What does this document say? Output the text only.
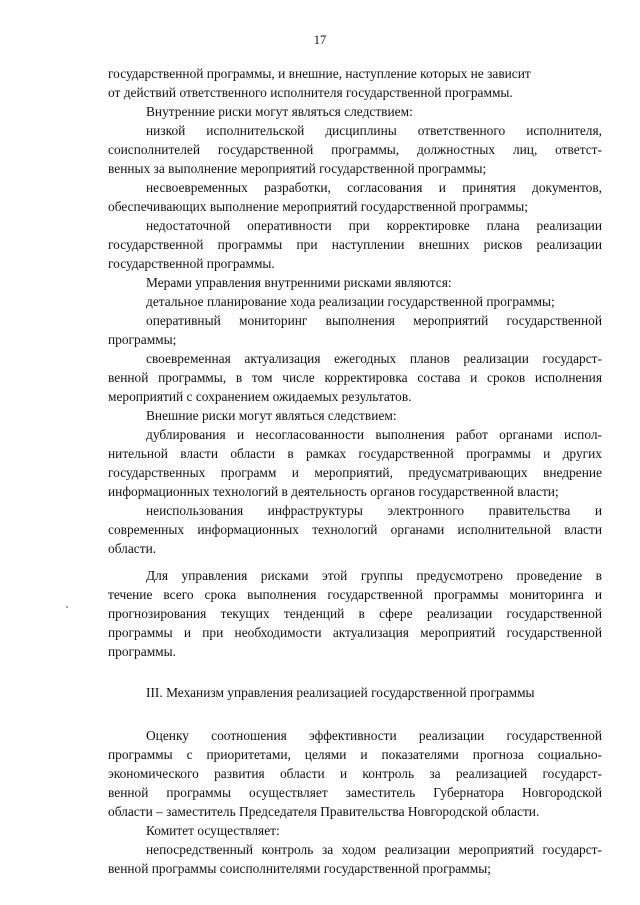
17
государственной программы, и внешние, наступление которых не зависит
от действий ответственного исполнителя государственной программы.
Внутренние риски могут являться следствием:
низкой исполнительской дисциплины ответственного исполнителя,
соисполнителей государственной программы, должностных лиц, ответст-
венных за выполнение мероприятий государственной программы;
несвоевременных разработки, согласования и принятия документов,
обеспечивающих выполнение мероприятий государственной программы;
недостаточной оперативности при корректировке плана реализации
государственной программы при наступлении внешних рисков реализации
государственной программы.
Мерами управления внутренними рисками являются:
детальное планирование хода реализации государственной программы;
оперативный мониторинг выполнения мероприятий государственной
программы;
своевременная актуализация ежегодных планов реализации государст-
венной программы, в том числе корректировка состава и сроков исполнения
мероприятий с сохранением ожидаемых результатов.
Внешние риски могут являться следствием:
дублирования и несогласованности выполнения работ органами испол-
нительной власти области в рамках государственной программы и других
государственных программ и мероприятий, предусматривающих внедрение
информационных технологий в деятельность органов государственной власти;
неиспользования инфраструктуры электронного правительства и
современных информационных технологий органами исполнительной власти
области.
Для управления рисками этой группы предусмотрено проведение в
течение всего срока выполнения государственной программы мониторинга и
прогнозирования текущих тенденций в сфере реализации государственной
программы и при необходимости актуализация мероприятий государственной
программы.
III. Механизм управления реализацией государственной программы
Оценку соотношения эффективности реализации государственной
программы с приоритетами, целями и показателями прогноза социально-
экономического развития области и контроль за реализацией государст-
венной программы осуществляет заместитель Губернатора Новгородской
области – заместитель Председателя Правительства Новгородской области.
Комитет осуществляет:
непосредственный контроль за ходом реализации мероприятий государст-
венной программы соисполнителями государственной программы;
